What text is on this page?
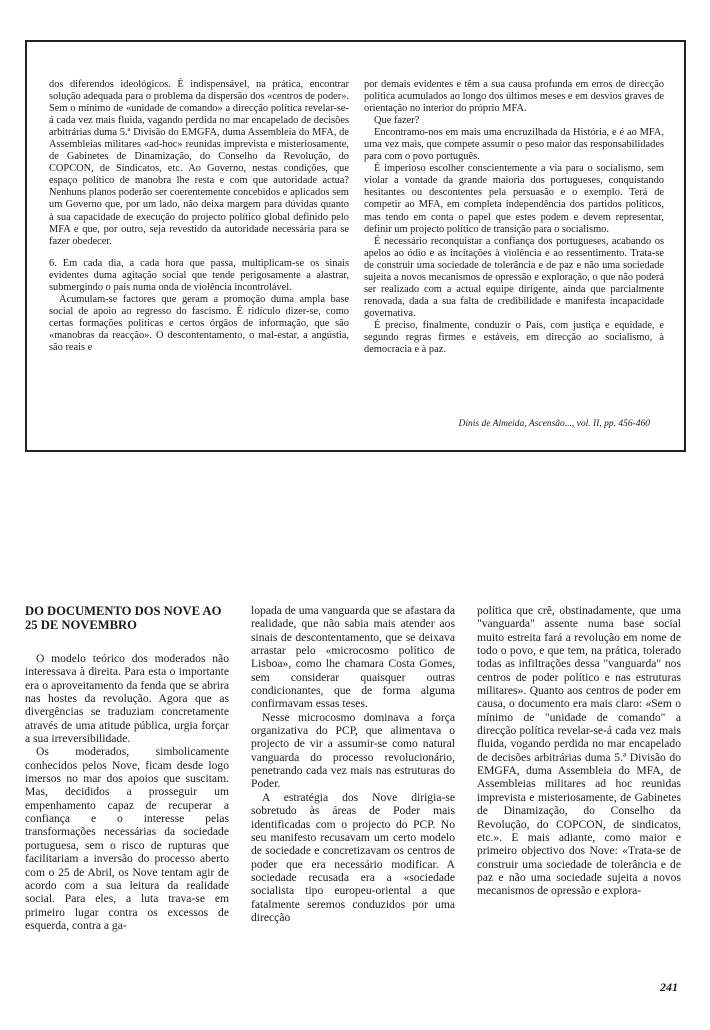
dos diferendos ideológicos. É indispensável, na prática, encontrar solução adequada para o problema da dispersão dos «centros de poder». Sem o mínimo de «unidade de comando» a direcção política revelar-se-á cada vez mais fluida, vagando perdida no mar encapelado de decisões arbitrárias duma 5.ª Divisão do EMGFA, duma Assembleia do MFA, de Assembleias militares «ad-hoc» reunidas imprevista e misteriosamente, de Gabinetes de Dinamização, do Conselho da Revolução, do COPCON, de Sindicatos, etc. Ao Governo, nestas condições, que espaço político de manobra lhe resta e com que autoridade actua? Nenhuns planos poderão ser coerentemente concebidos e aplicados sem um Governo que, por um lado, não deixa margem para dúvidas quanto à sua capacidade de execução do projecto político global definido pelo MFA e que, por outro, seja revestido da autoridade necessária para se fazer obedecer.

6. Em cada dia, a cada hora que passa, multiplicam-se os sinais evidentes duma agitação social que tende perigosamente a alastrar, submergindo o país numa onda de violência incontrolável.

Acumulam-se factores que geram a promoção duma ampla base social de apoio ao regresso do fascismo. É ridículo dizer-se, como certas formações políticas e certos órgãos de informação, que são «manobras da reacção». O descontentamento, o mal-estar, a angústia, são reais e

por demais evidentes e têm a sua causa profunda em erros de direcção política acumulados ao longo dos últimos meses e em desvios graves de orientação no interior do próprio MFA.

Que fazer?

Encontramo-nos em mais uma encruzilhada da História, e é ao MFA, uma vez mais, que compete assumir o peso maior das responsabilidades para com o povo português.

É imperioso escolher conscientemente a via para o socialismo, sem violar a vontade da grande maioria dos portugueses, conquistando hesitantes ou descontentes pela persuasão e o exemplo. Terá de competir ao MFA, em completa independência dos partidos políticos, mas tendo em conta o papel que estes podem e devem representar, definir um projecto político de transição para o socialismo.

É necessário reconquistar a confiança dos portugueses, acabando os apelos ao ódio e as incitações à violência e ao ressentimento. Trata-se de construir uma sociedade de tolerância e de paz e não uma sociedade sujeita a novos mecanismos de opressão e exploração, o que não poderá ser realizado com a actual equipe dirigente, ainda que parcialmente renovada, dada a sua falta de credibilidade e manifesta incapacidade governativa.

É preciso, finalmente, conduzir o País, com justiça e equidade, e segundo regras firmes e estáveis, em direcção ao socialismo, à democracia e à paz.

Dinis de Almeida, Ascensão..., vol. II, pp. 456-460
DO DOCUMENTO DOS NOVE AO 25 DE NOVEMBRO

O modelo teórico dos moderados não interessava à direita. Para esta o importante era o aproveitamento da fenda que se abrira nas hostes da revolução. Agora que as divergências se traduziam concretamente através de uma atitude pública, urgia forçar a sua irreversibilidade.

Os moderados, simbolicamente conhecidos pelos Nove, ficam desde logo imersos no mar dos apoios que suscitam. Mas, decididos a prosseguir um empenhamento capaz de recuperar a confiança e o interesse pelas transformações necessárias da sociedade portuguesa, sem o risco de rupturas que facilitariam a inversão do processo aberto com o 25 de Abril, os Nove tentam agir de acordo com a sua leitura da realidade social. Para eles, a luta trava-se em primeiro lugar contra os excessos de esquerda, contra a ga-

lopada de uma vanguarda que se afastara da realidade, que não sabia mais atender aos sinais de descontentamento, que se deixava arrastar pelo «microcosmo político de Lisboa», como lhe chamara Costa Gomes, sem considerar quaisquer outras condicionantes, que de forma alguma confirmavam essas teses.

Nesse microcosmo dominava a força organizativa do PCP, que alimentava o projecto de vir a assumir-se como natural vanguarda do processo revolucionário, penetrando cada vez mais nas estruturas do Poder.

A estratégia dos Nove dirigia-se sobretudo às áreas de Poder mais identificadas com o projecto do PCP. No seu manifesto recusavam um certo modelo de sociedade e concretizavam os centros de poder que era necessário modificar. A sociedade recusada era a «sociedade socialista tipo europeu-oriental a que fatalmente seremos conduzidos por uma direcção

política que crê, obstinadamente, que uma "vanguarda" assente numa base social muito estreita fará a revolução em nome de todo o povo, e que tem, na prática, tolerado todas as infiltrações dessa "vanguarda" nos centros de poder político e nas estruturas militares». Quanto aos centros de poder em causa, o documento era mais claro: «Sem o mínimo de "unidade de comando" a direcção política revelar-se-á cada vez mais fluida, vogando perdida no mar encapelado de decisões arbitrárias duma 5.ª Divisão do EMGFA, duma Assembleia do MFA, de Assembleias militares ad hoc reunidas imprevista e misteriosamente, de Gabinetes de Dinamização, do Conselho da Revolução, do COPCON, de sindicatos, etc.». E mais adiante, como maior e primeiro objectivo dos Nove: «Trata-se de construir uma sociedade de tolerância e de paz e não uma sociedade sujeita a novos mecanismos de opressão e explora-

241
